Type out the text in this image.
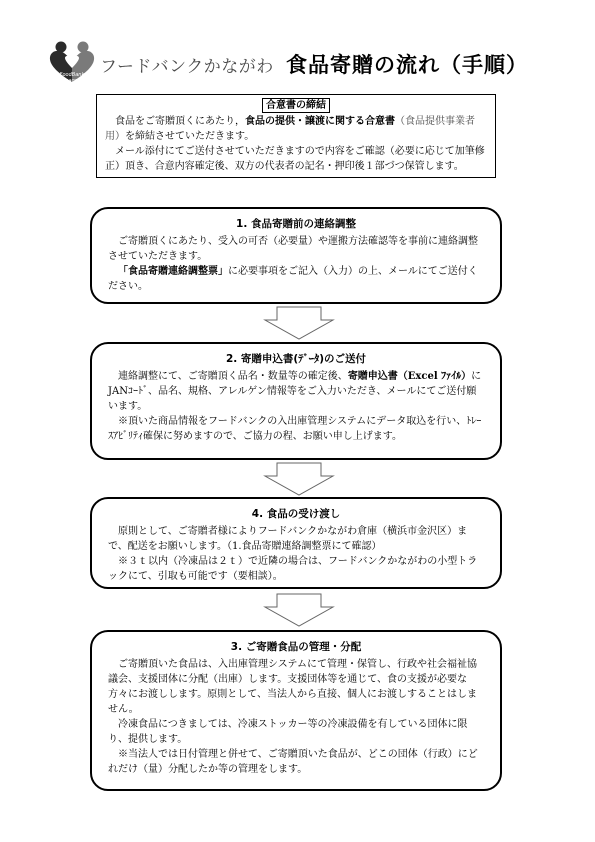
FoodBank
Kanagawa
フードバンクかながわ 食品寄贈の流れ（手順）
合意書の締結

食品をご寄贈頂くにあたり，食品の提供・譲渡に関する合意書（食品提供事業者用）を締結させていただきます。

メール添付にてご送付させていただきますので内容をご確認（必要に応じて加筆修正）頂き、合意内容確定後、双方の代表者の記名・押印後１部づつ保管します。

1. 食品寄贈前の連絡調整

ご寄贈頂くにあたり、受入の可否（必要量）や運搬方法確認等を事前に連絡調整させていただきます。

「食品寄贈連絡調整票」に必要事項をご記入（入力）の上、メールにてご送付ください。

2. 寄贈申込書(ﾃﾞｰﾀ)のご送付

連絡調整にて、ご寄贈頂く品名・数量等の確定後、寄贈申込書（Excel ﾌｧｲﾙ）にJANｺｰﾄﾞ、品名、規格、アレルゲン情報等をご入力いただき、メールにてご送付願います。

※頂いた商品情報をフードバンクの入出庫管理システムにデータ取込を行い、ﾄﾚｰｽｱﾋﾞﾘﾃｨ確保に努めますので、ご協力の程、お願い申し上げます。

4. 食品の受け渡し

原則として、ご寄贈者様によりフードバンクかながわ倉庫（横浜市金沢区）まで、配送をお願いします。（1.食品寄贈連絡調整票にて確認）

※３ｔ以内（冷凍品は２ｔ）で近隣の場合は、フードバンクかながわの小型トラックにて、引取も可能です（要相談）。

3. ご寄贈食品の管理・分配

ご寄贈頂いた食品は、入出庫管理システムにて管理・保管し、行政や社会福祉協議会、支援団体に分配（出庫）します。支援団体等を通じて、食の支援が必要な方々にお渡しします。原則として、当法人から直接、個人にお渡しすることはしません。

冷凍食品につきましては、冷凍ストッカー等の冷凍設備を有している団体に限り、提供します。

※当法人では日付管理と併せて、ご寄贈頂いた食品が、どこの団体（行政）にどれだけ（量）分配したか等の管理をします。
